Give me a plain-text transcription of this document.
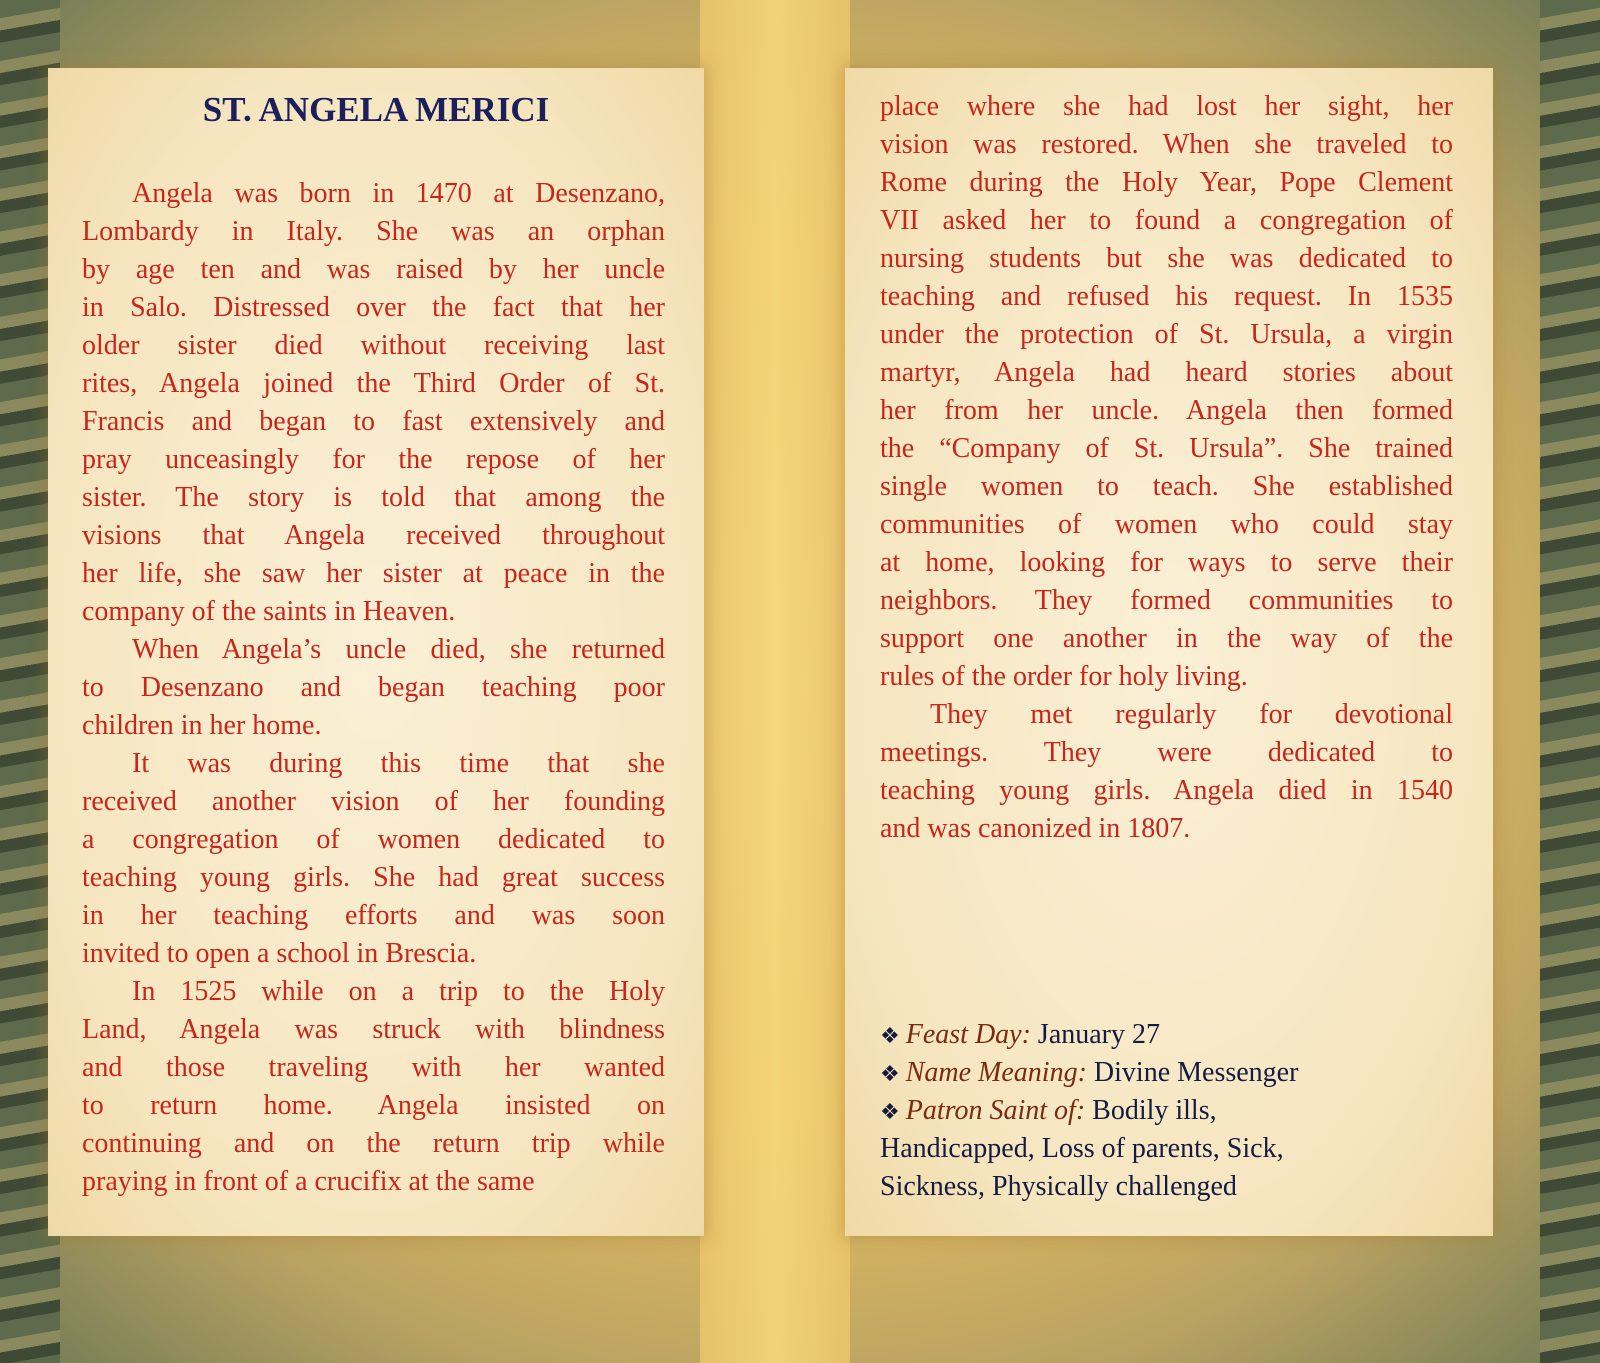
ST. ANGELA MERICI
Angela was born in 1470 at Desenzano,
Lombardy in Italy. She was an orphan
by age ten and was raised by her uncle
in Salo. Distressed over the fact that her
older sister died without receiving last
rites, Angela joined the Third Order of St.
Francis and began to fast extensively and
pray unceasingly for the repose of her
sister. The story is told that among the
visions that Angela received throughout
her life, she saw her sister at peace in the
company of the saints in Heaven.
When Angela’s uncle died, she returned
to Desenzano and began teaching poor
children in her home.
It was during this time that she
received another vision of her founding
a congregation of women dedicated to
teaching young girls. She had great success
in her teaching efforts and was soon
invited to open a school in Brescia.
In 1525 while on a trip to the Holy
Land, Angela was struck with blindness
and those traveling with her wanted
to return home. Angela insisted on
continuing and on the return trip while
praying in front of a crucifix at the same
place where she had lost her sight, her
vision was restored. When she traveled to
Rome during the Holy Year, Pope Clement
VII asked her to found a congregation of
nursing students but she was dedicated to
teaching and refused his request. In 1535
under the protection of St. Ursula, a virgin
martyr, Angela had heard stories about
her from her uncle. Angela then formed
the “Company of St. Ursula”. She trained
single women to teach. She established
communities of women who could stay
at home, looking for ways to serve their
neighbors. They formed communities to
support one another in the way of the
rules of the order for holy living.
They met regularly for devotional
meetings. They were dedicated to
teaching young girls. Angela died in 1540
and was canonized in 1807.
❖ Feast Day: January 27
❖ Name Meaning: Divine Messenger
❖ Patron Saint of: Bodily ills,
Handicapped, Loss of parents, Sick,
Sickness, Physically challenged
